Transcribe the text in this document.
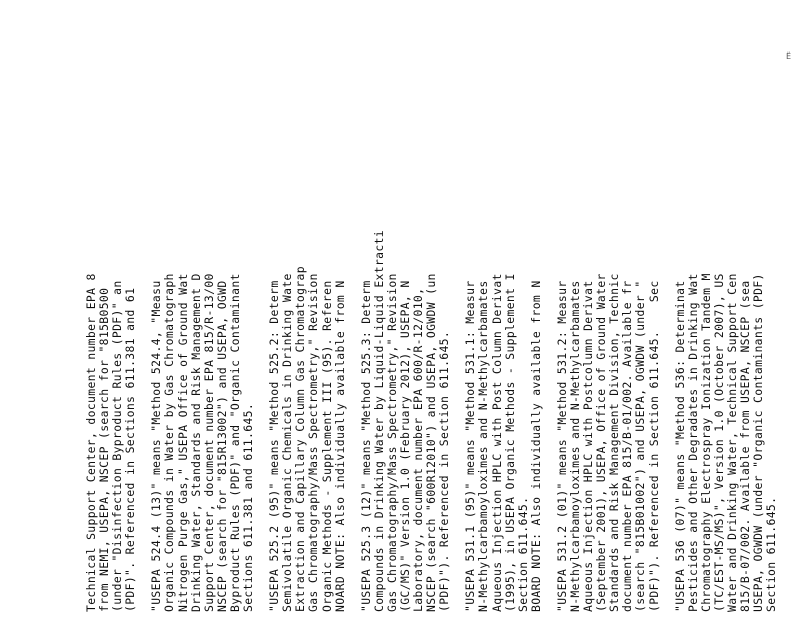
Technical Support Center, document number EPA 8 from NEMI, USEPA, NSCEP (search for "815B0500 (under "Disinfection Byproduct Rules (PDF)" an (PDF)". Referenced in Sections 611.381 and 61 "USEPA 524.4 (13)" means "Method 524.4, "Measu Organic Compounds in Water by Gas Chromatograph Nitrogen Purge Gas," USEPA Office of Ground Wat Drinking Water, Standards and Risk Management D Support Center, document number EPA 815/R-13/00 NSCEP (search for "815R13002") and USEPA, OGWD Byproduct Rules (PDF)" and "Organic Contaminant Sections 611.381 and 611.645. "USEPA 525.2 (95)" means "Method 525.2: Determ Semivolatile Organic Chemicals in Drinking Wate Extraction and Capillary Column Gas Chromatograp Gas Chromatography/Mass Spectrometry," Revision Organic Methods - Supplement III (95). Referen NOARD NOTE: Also individually available from N "USEPA 525.3 (12)" means "Method 525.3: Determ Compounds in Drinking Water by Liquid-Liquid Extracti Gas Chromatography/Mass Spectrometry," Revision (GC/MS)" Version 1.0 (February 2012), USEPA, N Laboratory, document number EPA 600/R-12/010, NSCEP (search "600R12010") and USEPA, OGWDW (un (PDF)"). Referenced in Section 611.645. "USEPA 531.1 (95)" means "Method 531.1: Measur N-Methylcarbamoyloximes and N-Methylcarbamates Aqueous Injection HPLC with Post Column Derivat (1995), in USEPA Organic Methods - Supplement I Section 611.645. BOARD NOTE: Also individually available from N "USEPA 531.2 (01)" means "Method 531.2: Measur N-Methylcarbamoyloximes and N-Methylcarbamates Aqueous Injection HPLC with Postcolumn Derivat (September 2001), USEPA, Office of Ground Water Standards and Risk Management Division, Technic document number EPA 815/B-01/002. Available fr (search "815B01002") and USEPA, OGWDW (under " (PDF)"). Referenced in Section 611.645.    Sec "USEPA 536 (07)" means "Method 536: Determinat Pesticides and Other Degradates in Drinking Wat Chromatography Electrospray Ionization Tandem M (TC/EST-MS/MS)", Version 1.0 (October 2007), US Water and Drinking Water, Technical Support Cen 815/B-07/002. Available from USEPA, NSCEP (sea USEPA, OGWDW (under "Organic Contaminants (PDF) Section 611.645.
Ë
